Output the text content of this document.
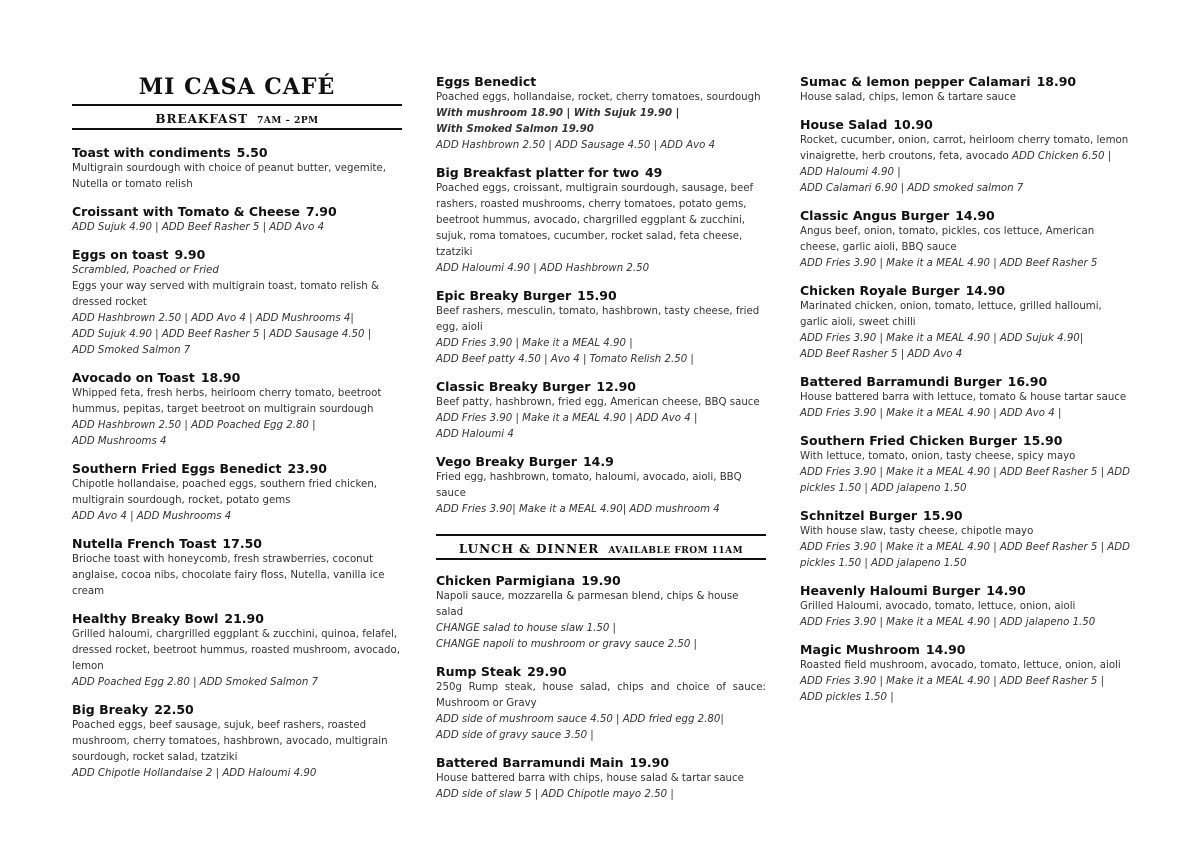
MI CASA CAFÉ
BREAKFAST 7AM – 2PM
Toast with condiments 5.50
Multigrain sourdough with choice of peanut butter, vegemite, Nutella or tomato relish
Croissant with Tomato & Cheese 7.90
ADD Sujuk 4.90 | ADD Beef Rasher 5 | ADD Avo 4
Eggs on toast 9.90
Scrambled, Poached or Fried
Eggs your way served with multigrain toast, tomato relish & dressed rocket
ADD Hashbrown 2.50 | ADD Avo 4 | ADD Mushrooms 4|
ADD Sujuk 4.90 | ADD Beef Rasher 5 | ADD Sausage 4.50 |
ADD Smoked Salmon 7
Avocado on Toast 18.90
Whipped feta, fresh herbs, heirloom cherry tomato, beetroot hummus, pepitas, target beetroot on multigrain sourdough
ADD Hashbrown 2.50 | ADD Poached Egg 2.80 |
ADD Mushrooms 4
Southern Fried Eggs Benedict 23.90
Chipotle hollandaise, poached eggs, southern fried chicken, multigrain sourdough, rocket, potato gems
ADD Avo 4 | ADD Mushrooms 4
Nutella French Toast 17.50
Brioche toast with honeycomb, fresh strawberries, coconut anglaise, cocoa nibs, chocolate fairy floss, Nutella, vanilla ice cream
Healthy Breaky Bowl 21.90
Grilled haloumi, chargrilled eggplant & zucchini, quinoa, felafel, dressed rocket, beetroot hummus, roasted mushroom, avocado, lemon
ADD Poached Egg 2.80 | ADD Smoked Salmon 7
Big Breaky 22.50
Poached eggs, beef sausage, sujuk, beef rashers, roasted mushroom, cherry tomatoes, hashbrown, avocado, multigrain sourdough, rocket salad, tzatziki
ADD Chipotle Hollandaise 2 | ADD Haloumi 4.90
Eggs Benedict
Poached eggs, hollandaise, rocket, cherry tomatoes, sourdough
With mushroom 18.90 | With Sujuk 19.90 |
With Smoked Salmon 19.90
ADD Hashbrown 2.50 | ADD Sausage 4.50 | ADD Avo 4
Big Breakfast platter for two 49
Poached eggs, croissant, multigrain sourdough, sausage, beef rashers, roasted mushrooms, cherry tomatoes, potato gems, beetroot hummus, avocado, chargrilled eggplant & zucchini, sujuk, roma tomatoes, cucumber, rocket salad, feta cheese, tzatziki
ADD Haloumi 4.90 | ADD Hashbrown 2.50
Epic Breaky Burger 15.90
Beef rashers, mesculin, tomato, hashbrown, tasty cheese, fried egg, aioli
ADD Fries 3.90 | Make it a MEAL 4.90 |
ADD Beef patty 4.50 | Avo 4 | Tomato Relish 2.50 |
Classic Breaky Burger 12.90
Beef patty, hashbrown, fried egg, American cheese, BBQ sauce
ADD Fries 3.90 | Make it a MEAL 4.90 | ADD Avo 4 |
ADD Haloumi 4
Vego Breaky Burger 14.9
Fried egg, hashbrown, tomato, haloumi, avocado, aioli, BBQ sauce
ADD Fries 3.90| Make it a MEAL 4.90| ADD mushroom 4
LUNCH & DINNER AVAILABLE FROM 11AM
Chicken Parmigiana 19.90
Napoli sauce, mozzarella & parmesan blend, chips & house salad
CHANGE salad to house slaw 1.50 |
CHANGE napoli to mushroom or gravy sauce 2.50 |
Rump Steak 29.90
250g Rump steak, house salad, chips and choice of sauce: Mushroom or Gravy
ADD side of mushroom sauce 4.50 | ADD fried egg 2.80|
ADD side of gravy sauce 3.50 |
Battered Barramundi Main 19.90
House battered barra with chips, house salad & tartar sauce
ADD side of slaw 5 | ADD Chipotle mayo 2.50 |
Sumac & lemon pepper Calamari 18.90
House salad, chips, lemon & tartare sauce
House Salad 10.90
Rocket, cucumber, onion, carrot, heirloom cherry tomato, lemon vinaigrette, herb croutons, feta, avocado ADD Chicken 6.50 | ADD Haloumi 4.90 |
ADD Calamari 6.90 | ADD smoked salmon 7
Classic Angus Burger 14.90
Angus beef, onion, tomato, pickles, cos lettuce, American cheese, garlic aioli, BBQ sauce
ADD Fries 3.90 | Make it a MEAL 4.90 | ADD Beef Rasher 5
Chicken Royale Burger 14.90
Marinated chicken, onion, tomato, lettuce, grilled halloumi, garlic aioli, sweet chilli
ADD Fries 3.90 | Make it a MEAL 4.90 | ADD Sujuk 4.90|
ADD Beef Rasher 5 | ADD Avo 4
Battered Barramundi Burger 16.90
House battered barra with lettuce, tomato & house tartar sauce
ADD Fries 3.90 | Make it a MEAL 4.90 | ADD Avo 4 |
Southern Fried Chicken Burger 15.90
With lettuce, tomato, onion, tasty cheese, spicy mayo
ADD Fries 3.90 | Make it a MEAL 4.90 | ADD Beef Rasher 5 | ADD pickles 1.50 | ADD jalapeno 1.50
Schnitzel Burger 15.90
With house slaw, tasty cheese, chipotle mayo
ADD Fries 3.90 | Make it a MEAL 4.90 | ADD Beef Rasher 5 | ADD pickles 1.50 | ADD jalapeno 1.50
Heavenly Haloumi Burger 14.90
Grilled Haloumi, avocado, tomato, lettuce, onion, aioli
ADD Fries 3.90 | Make it a MEAL 4.90 | ADD jalapeno 1.50
Magic Mushroom 14.90
Roasted field mushroom, avocado, tomato, lettuce, onion, aioli
ADD Fries 3.90 | Make it a MEAL 4.90 | ADD Beef Rasher 5 |
ADD pickles 1.50 |
